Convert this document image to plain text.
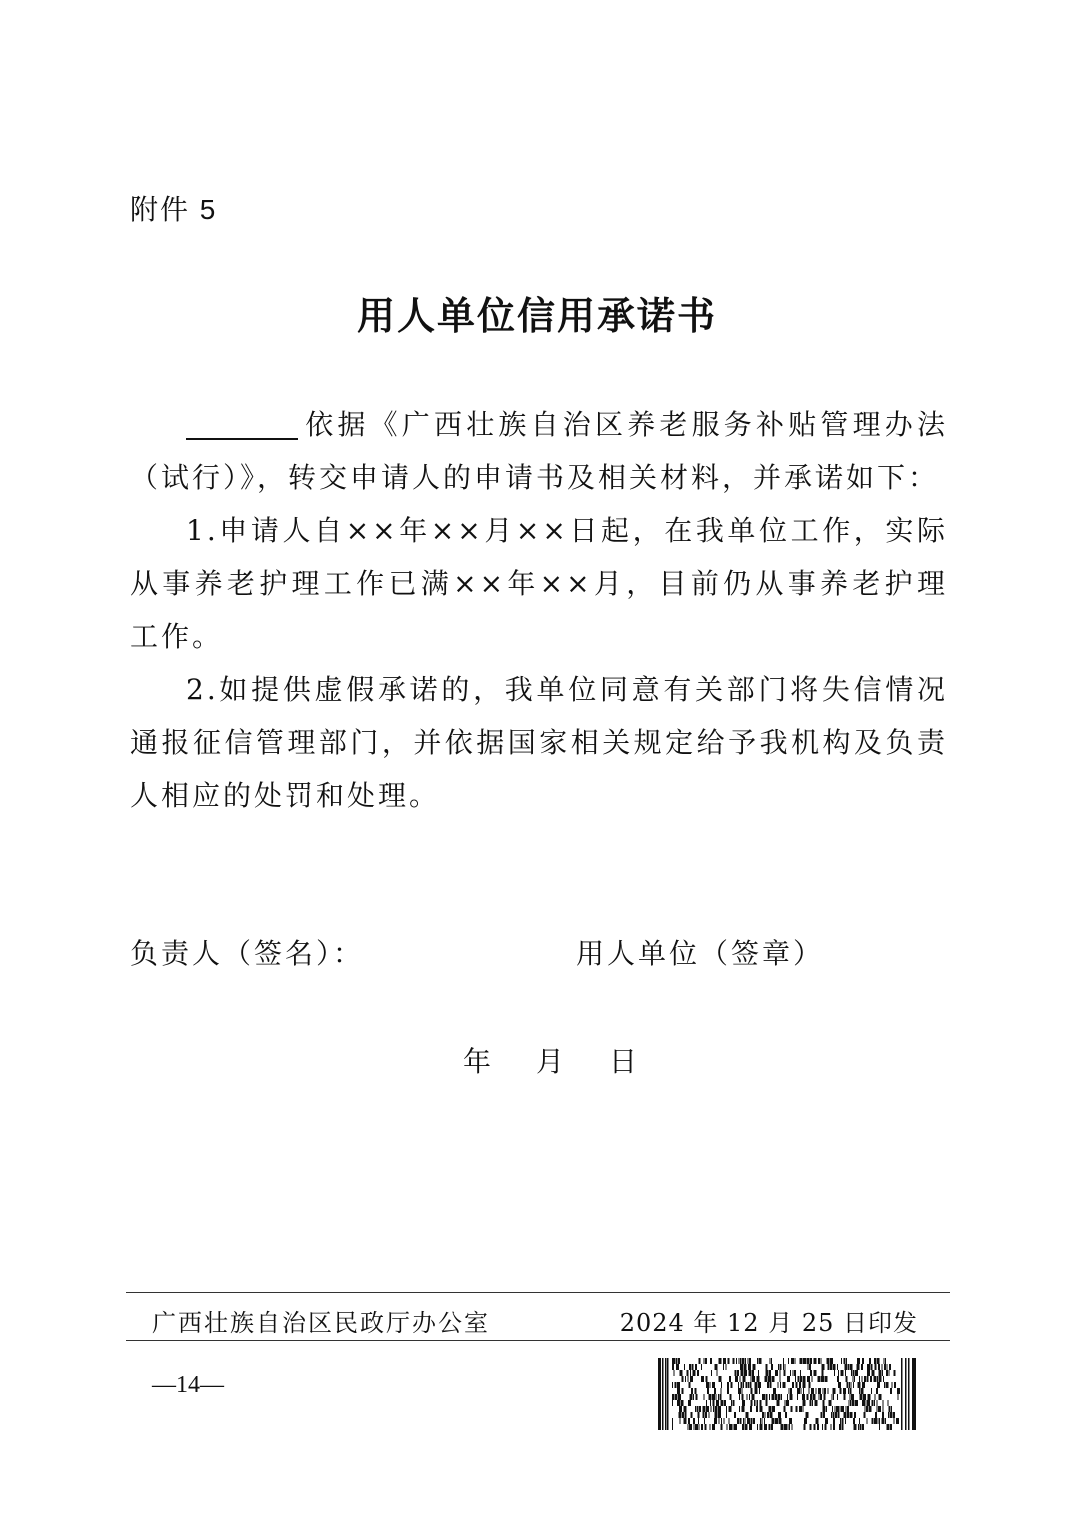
附件 5
用人单位信用承诺书

依据《广西壮族自治区养老服务补贴管理办法（试行）》，转交申请人的申请书及相关材料，并承诺如下：

1.申请人自××年××月××日起，在我单位工作，实际从事养老护理工作已满××年××月，目前仍从事养老护理工作。

2.如提供虚假承诺的，我单位同意有关部门将失信情况通报征信管理部门，并依据国家相关规定给予我机构及负责人相应的处罚和处理。

负责人（签名）：	用人单位（签章）
年 月 日
广西壮族自治区民政厅办公室	2024 年 12 月 25 日印发
—14—
